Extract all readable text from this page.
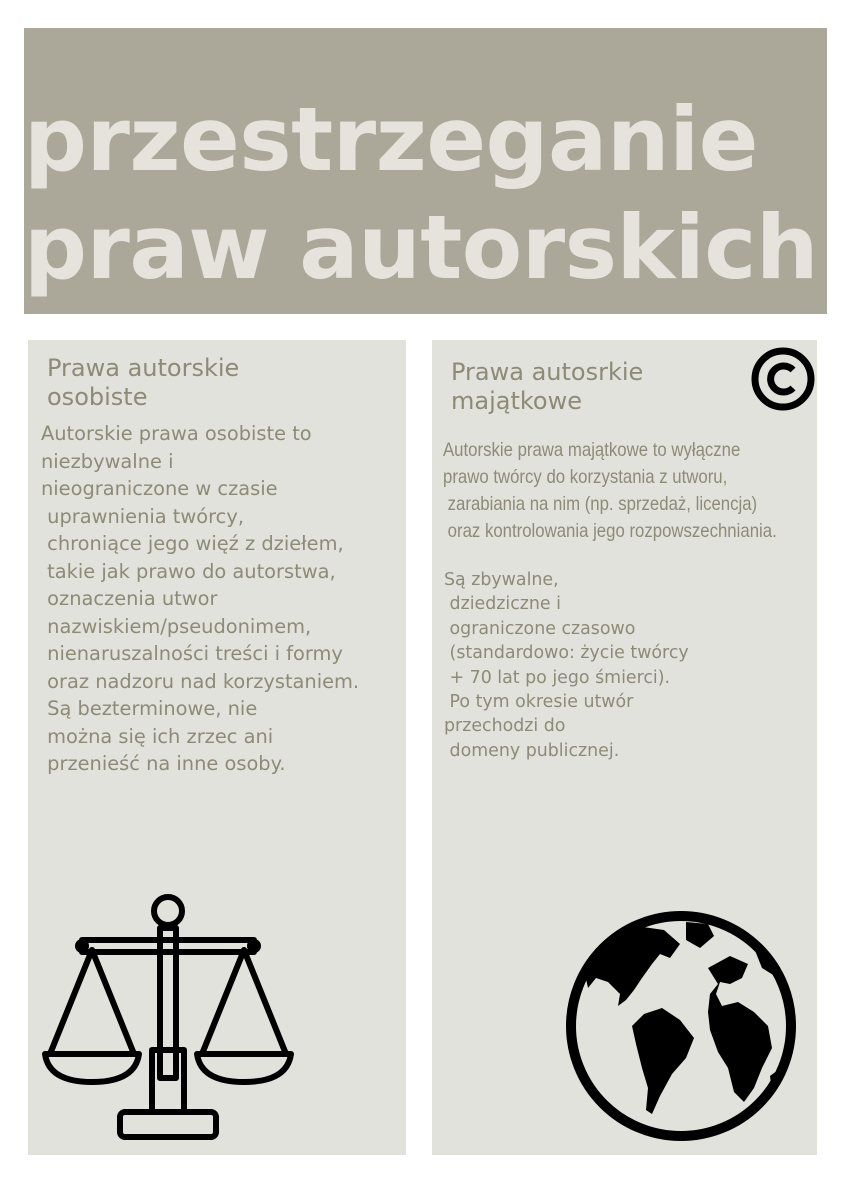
przestrzeganie
praw autorskich
Prawa autorskie
osobiste

Autorskie prawa osobiste to
niezbywalne i
nieograniczone w czasie
uprawnienia twórcy,
chroniące jego więź z dziełem,
takie jak prawo do autorstwa,
oznaczenia utwor
nazwiskiem/pseudonimem,
nienaruszalności treści i formy
oraz nadzoru nad korzystaniem.
Są bezterminowe, nie
można się ich zrzec ani
przenieść na inne osoby.

Prawa autosrkie
majątkowe

Autorskie prawa majątkowe to wyłączne
prawo twórcy do korzystania z utworu,
zarabiania na nim (np. sprzedaż, licencja)
oraz kontrolowania jego rozpowszechniania.

Są zbywalne,
dziedziczne i
ograniczone czasowo
(standardowo: życie twórcy
+ 70 lat po jego śmierci).
Po tym okresie utwór
przechodzi do
domeny publicznej.
